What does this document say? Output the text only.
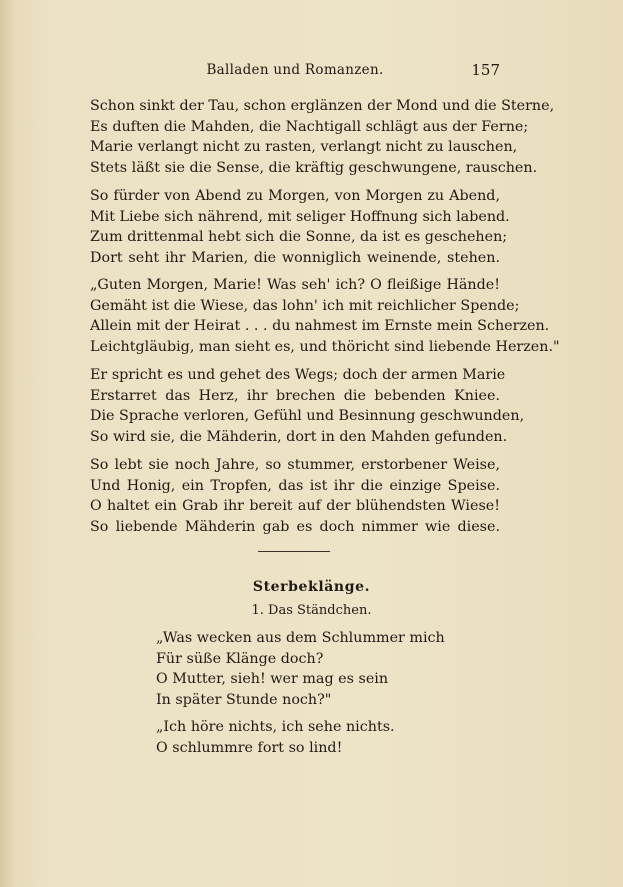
Balladen und Romanzen.	157
Schon sinkt der Tau, schon erglänzen der Mond und die Sterne,
Es duften die Mahden, die Nachtigall schlägt aus der Ferne;
Marie verlangt nicht zu rasten, verlangt nicht zu lauschen,
Stets läßt sie die Sense, die kräftig geschwungene, rauschen.
So fürder von Abend zu Morgen, von Morgen zu Abend,
Mit Liebe sich nährend, mit seliger Hoffnung sich labend.
Zum drittenmal hebt sich die Sonne, da ist es geschehen;
Dort seht ihr Marien, die wonniglich weinende, stehen.
„Guten Morgen, Marie! Was seh' ich? O fleißige Hände!
Gemäht ist die Wiese, das lohn' ich mit reichlicher Spende;
Allein mit der Heirat . . . du nahmest im Ernste mein Scherzen.
Leichtgläubig, man sieht es, und thöricht sind liebende Herzen."
Er spricht es und gehet des Wegs; doch der armen Marie
Erstarret das Herz, ihr brechen die bebenden Kniee.
Die Sprache verloren, Gefühl und Besinnung geschwunden,
So wird sie, die Mähderin, dort in den Mahden gefunden.
So lebt sie noch Jahre, so stummer, erstorbener Weise,
Und Honig, ein Tropfen, das ist ihr die einzige Speise.
O haltet ein Grab ihr bereit auf der blühendsten Wiese!
So liebende Mähderin gab es doch nimmer wie diese.
Sterbeklänge.
1. Das Ständchen.
„Was wecken aus dem Schlummer mich
Für süße Klänge doch?
O Mutter, sieh! wer mag es sein
In später Stunde noch?"
„Ich höre nichts, ich sehe nichts.
O schlummre fort so lind!
